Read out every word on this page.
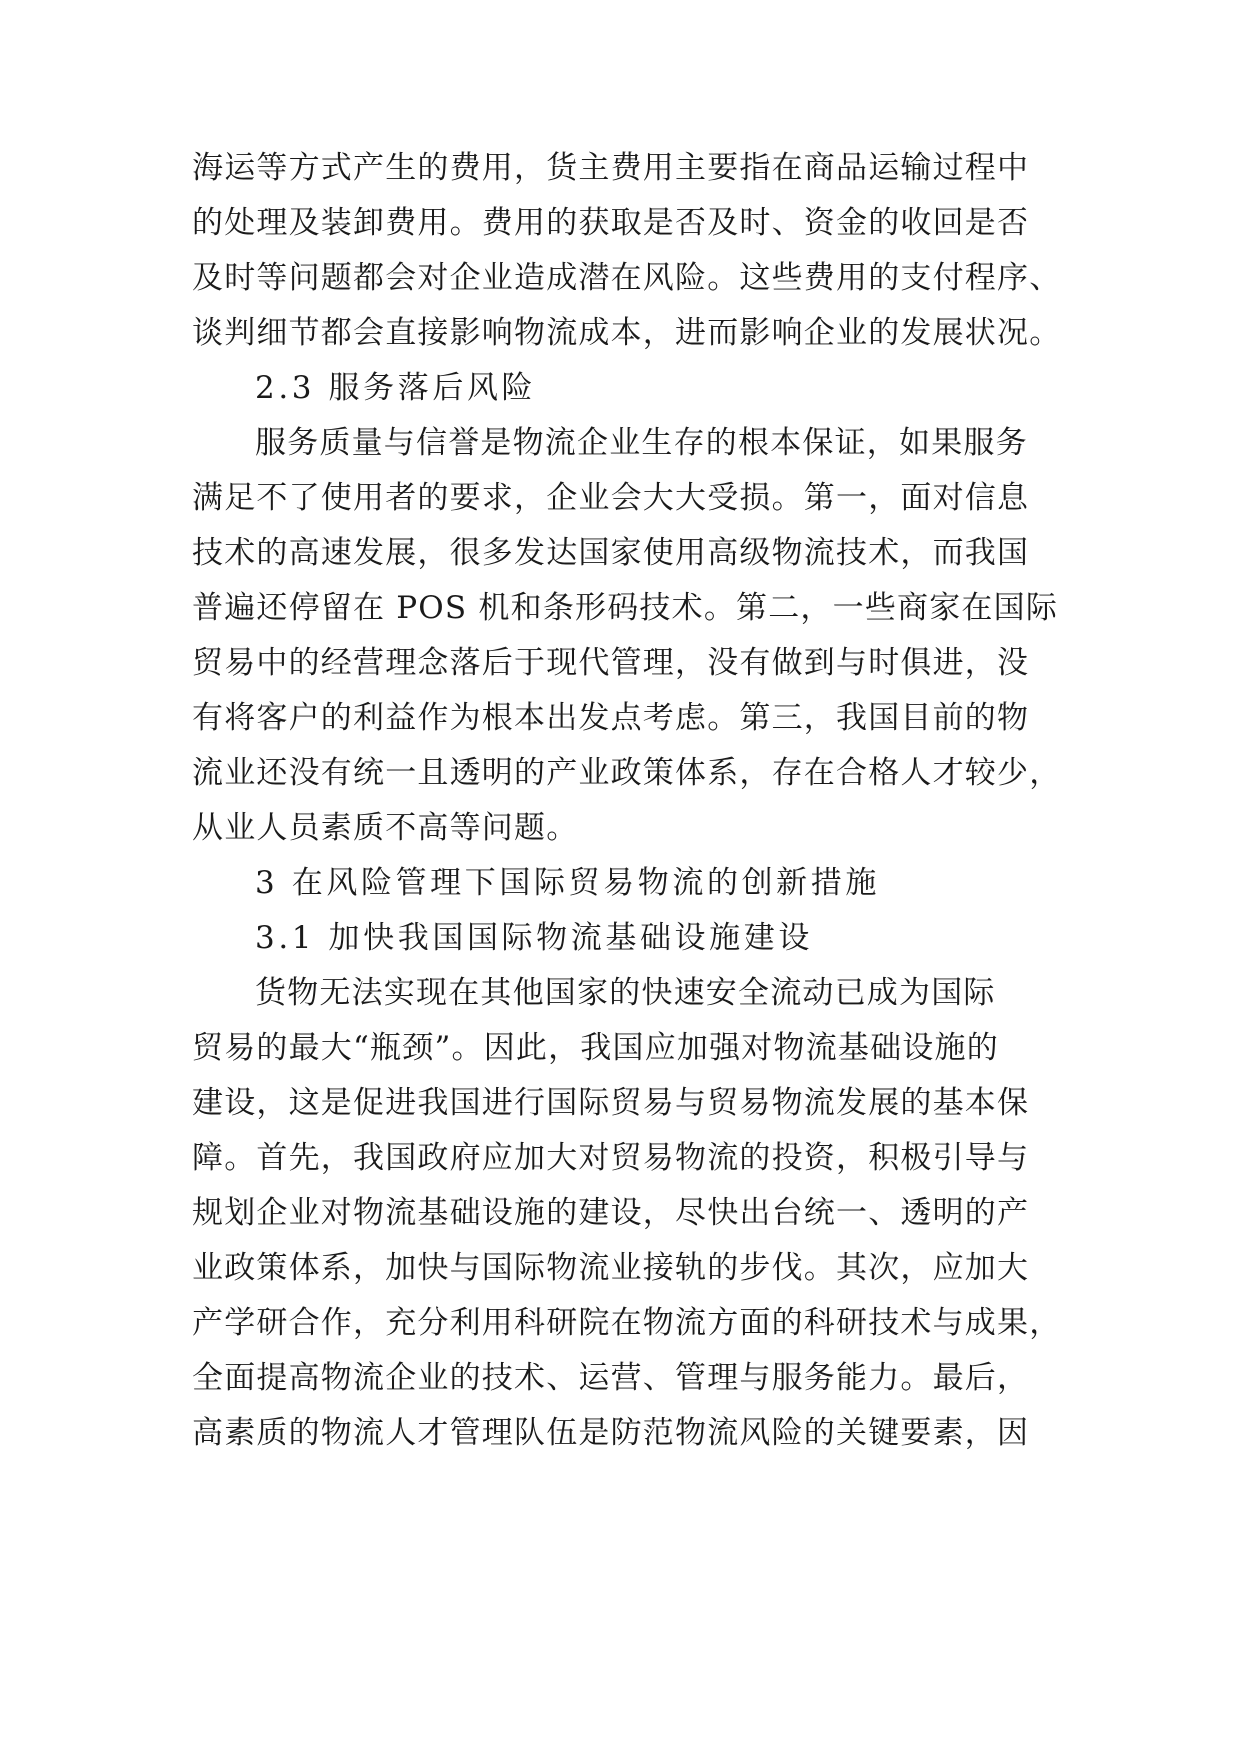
海运等方式产生的费用，货主费用主要指在商品运输过程中
的处理及装卸费用。费用的获取是否及时、资金的收回是否
及时等问题都会对企业造成潜在风险。这些费用的支付程序、
谈判细节都会直接影响物流成本，进而影响企业的发展状况。
2.3 服务落后风险
服务质量与信誉是物流企业生存的根本保证，如果服务
满足不了使用者的要求，企业会大大受损。第一，面对信息
技术的高速发展，很多发达国家使用高级物流技术，而我国
普遍还停留在 POS 机和条形码技术。第二，一些商家在国际
贸易中的经营理念落后于现代管理，没有做到与时俱进，没
有将客户的利益作为根本出发点考虑。第三，我国目前的物
流业还没有统一且透明的产业政策体系，存在合格人才较少，
从业人员素质不高等问题。
3 在风险管理下国际贸易物流的创新措施
3.1 加快我国国际物流基础设施建设
货物无法实现在其他国家的快速安全流动已成为国际
贸易的最大“瓶颈”。因此，我国应加强对物流基础设施的
建设，这是促进我国进行国际贸易与贸易物流发展的基本保
障。首先，我国政府应加大对贸易物流的投资，积极引导与
规划企业对物流基础设施的建设，尽快出台统一、透明的产
业政策体系，加快与国际物流业接轨的步伐。其次，应加大
产学研合作，充分利用科研院在物流方面的科研技术与成果，
全面提高物流企业的技术、运营、管理与服务能力。最后，
高素质的物流人才管理队伍是防范物流风险的关键要素，因
